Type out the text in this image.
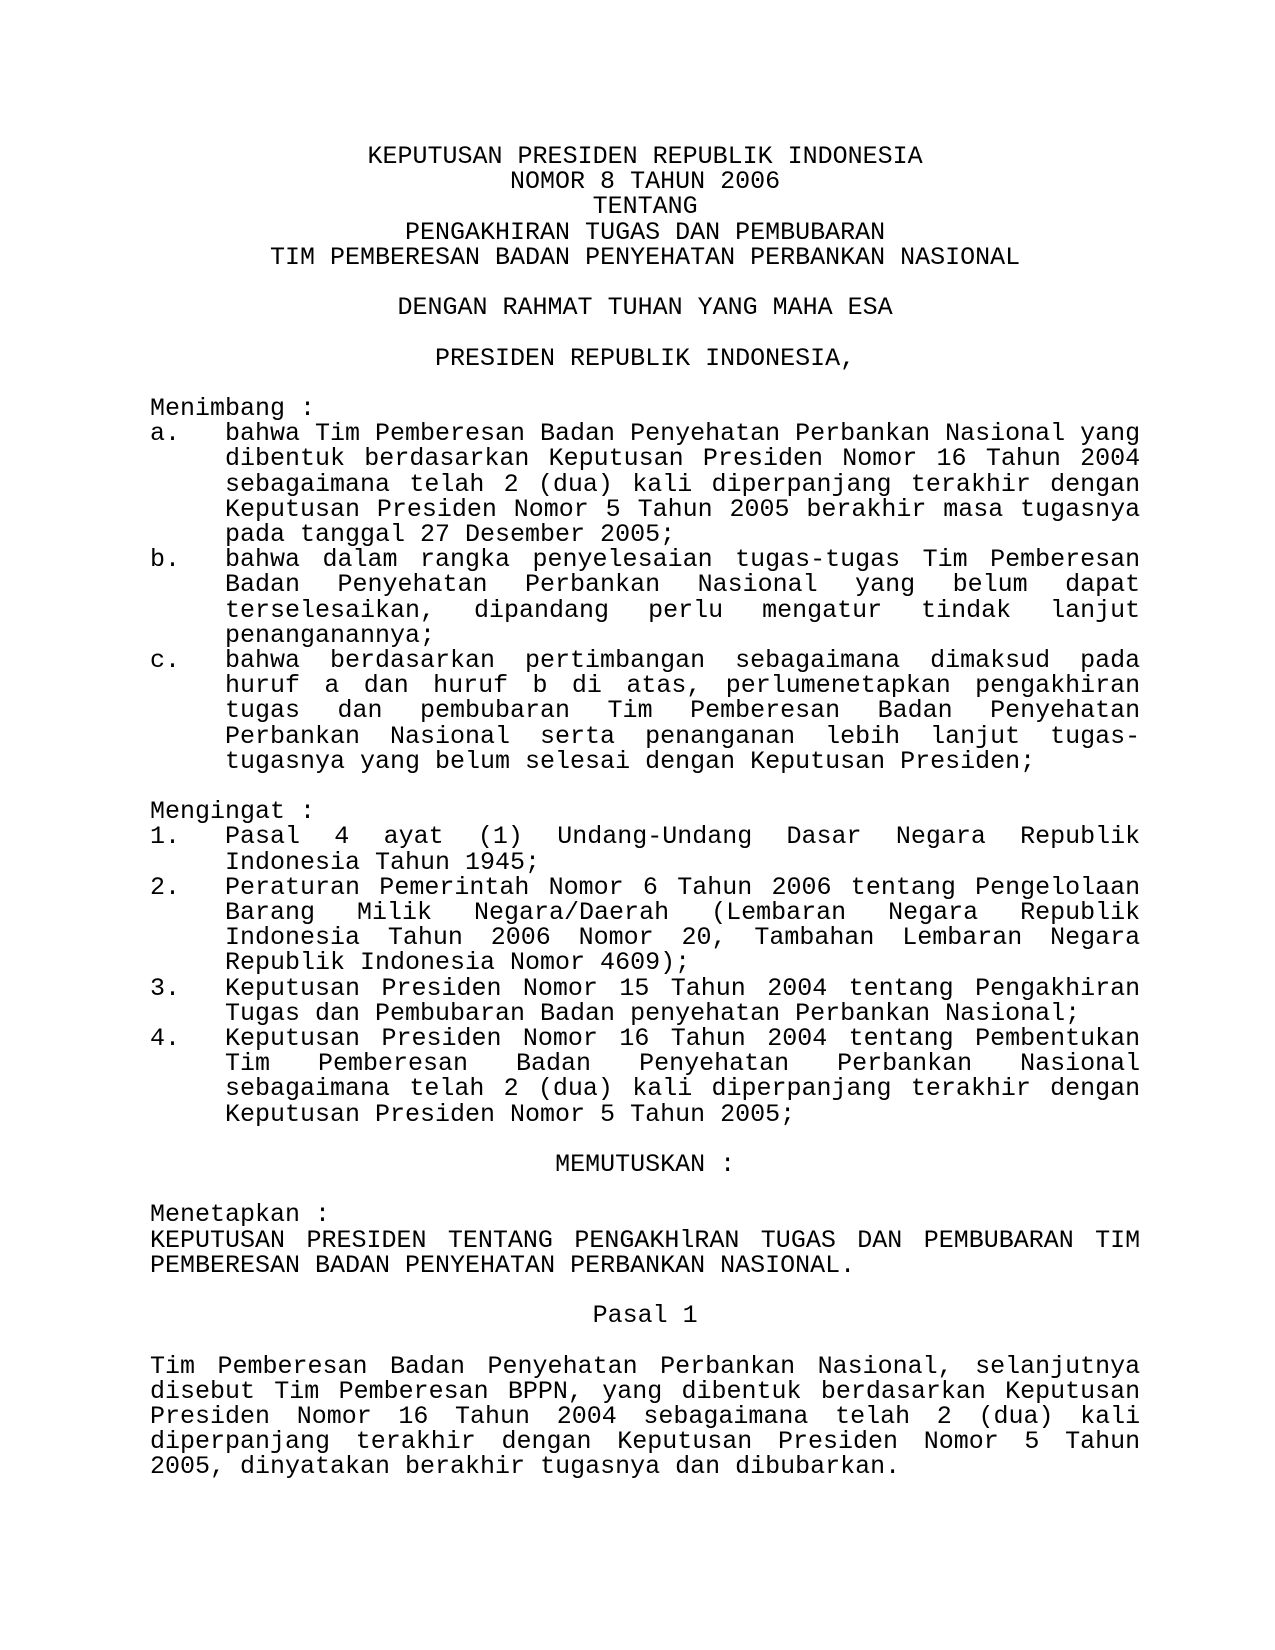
KEPUTUSAN PRESIDEN REPUBLIK INDONESIA
NOMOR 8 TAHUN 2006
TENTANG
PENGAKHIRAN TUGAS DAN PEMBUBARAN
TIM PEMBERESAN BADAN PENYEHATAN PERBANKAN NASIONAL
DENGAN RAHMAT TUHAN YANG MAHA ESA
PRESIDEN REPUBLIK INDONESIA,
Menimbang :
a. bahwa Tim Pemberesan Badan Penyehatan Perbankan Nasional yang dibentuk berdasarkan Keputusan Presiden Nomor 16 Tahun 2004 sebagaimana telah 2 (dua) kali diperpanjang terakhir dengan Keputusan Presiden Nomor 5 Tahun 2005 berakhir masa tugasnya pada tanggal 27 Desember 2005;
b. bahwa dalam rangka penyelesaian tugas-tugas Tim Pemberesan Badan Penyehatan Perbankan Nasional yang belum dapat terselesaikan, dipandang perlu mengatur tindak lanjut penanganannya;
c. bahwa berdasarkan pertimbangan sebagaimana dimaksud pada huruf a dan huruf b di atas, perlumenetapkan pengakhiran tugas dan pembubaran Tim Pemberesan Badan Penyehatan Perbankan Nasional serta penanganan lebih lanjut tugas-tugasnya yang belum selesai dengan Keputusan Presiden;
Mengingat :
1. Pasal 4 ayat (1) Undang-Undang Dasar Negara Republik Indonesia Tahun 1945;
2. Peraturan Pemerintah Nomor 6 Tahun 2006 tentang Pengelolaan Barang Milik Negara/Daerah (Lembaran Negara Republik Indonesia Tahun 2006 Nomor 20, Tambahan Lembaran Negara Republik Indonesia Nomor 4609);
3. Keputusan Presiden Nomor 15 Tahun 2004 tentang Pengakhiran Tugas dan Pembubaran Badan penyehatan Perbankan Nasional;
4. Keputusan Presiden Nomor 16 Tahun 2004 tentang Pembentukan Tim Pemberesan Badan Penyehatan Perbankan Nasional sebagaimana telah 2 (dua) kali diperpanjang terakhir dengan Keputusan Presiden Nomor 5 Tahun 2005;
MEMUTUSKAN :
Menetapkan :
KEPUTUSAN PRESIDEN TENTANG PENGAKHlRAN TUGAS DAN PEMBUBARAN TIM PEMBERESAN BADAN PENYEHATAN PERBANKAN NASIONAL.
Pasal 1
Tim Pemberesan Badan Penyehatan Perbankan Nasional, selanjutnya disebut Tim Pemberesan BPPN, yang dibentuk berdasarkan Keputusan Presiden Nomor 16 Tahun 2004 sebagaimana telah 2 (dua) kali diperpanjang terakhir dengan Keputusan Presiden Nomor 5 Tahun 2005, dinyatakan berakhir tugasnya dan dibubarkan.
